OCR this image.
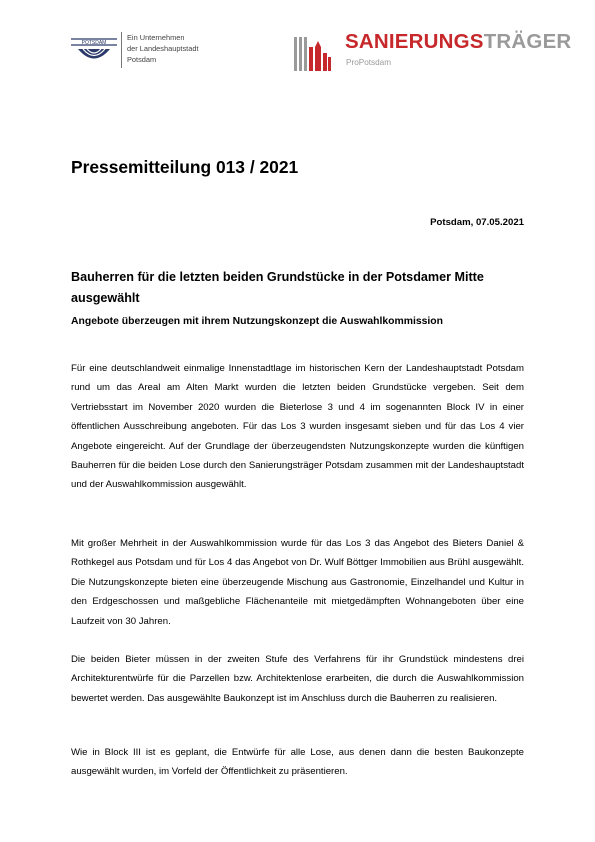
POTSDAM
Ein Unternehmen
der Landeshauptstadt
Potsdam
SANIERUNGSTRÄGER
ProPotsdam
Pressemitteilung 013 / 2021
Potsdam, 07.05.2021
Bauherren für die letzten beiden Grundstücke in der Potsdamer Mitte ausgewählt
Angebote überzeugen mit ihrem Nutzungskonzept die Auswahlkommission
Für eine deutschlandweit einmalige Innenstadtlage im historischen Kern der Landeshauptstadt Potsdam rund um das Areal am Alten Markt wurden die letzten beiden Grundstücke vergeben. Seit dem Vertriebsstart im November 2020 wurden die Bieterlose 3 und 4 im sogenannten Block IV in einer öffentlichen Ausschreibung angeboten. Für das Los 3 wurden insgesamt sieben und für das Los 4 vier Angebote eingereicht. Auf der Grundlage der überzeugendsten Nutzungskonzepte wurden die künftigen Bauherren für die beiden Lose durch den Sanierungsträger Potsdam zusammen mit der Landeshauptstadt und der Auswahlkommission ausgewählt.
Mit großer Mehrheit in der Auswahlkommission wurde für das Los 3 das Angebot des Bieters Daniel & Rothkegel aus Potsdam und für Los 4 das Angebot von Dr. Wulf Böttger Immobilien aus Brühl ausgewählt. Die Nutzungskonzepte bieten eine überzeugende Mischung aus Gastronomie, Einzelhandel und Kultur in den Erdgeschossen und maßgebliche Flächenanteile mit mietgedämpften Wohnangeboten über eine Laufzeit von 30 Jahren.
Die beiden Bieter müssen in der zweiten Stufe des Verfahrens für ihr Grundstück mindestens drei Architekturentwürfe für die Parzellen bzw. Architektenlose erarbeiten, die durch die Auswahlkommission bewertet werden. Das ausgewählte Baukonzept ist im Anschluss durch die Bauherren zu realisieren.
Wie in Block III ist es geplant, die Entwürfe für alle Lose, aus denen dann die besten Baukonzepte ausgewählt wurden, im Vorfeld der Öffentlichkeit zu präsentieren.
